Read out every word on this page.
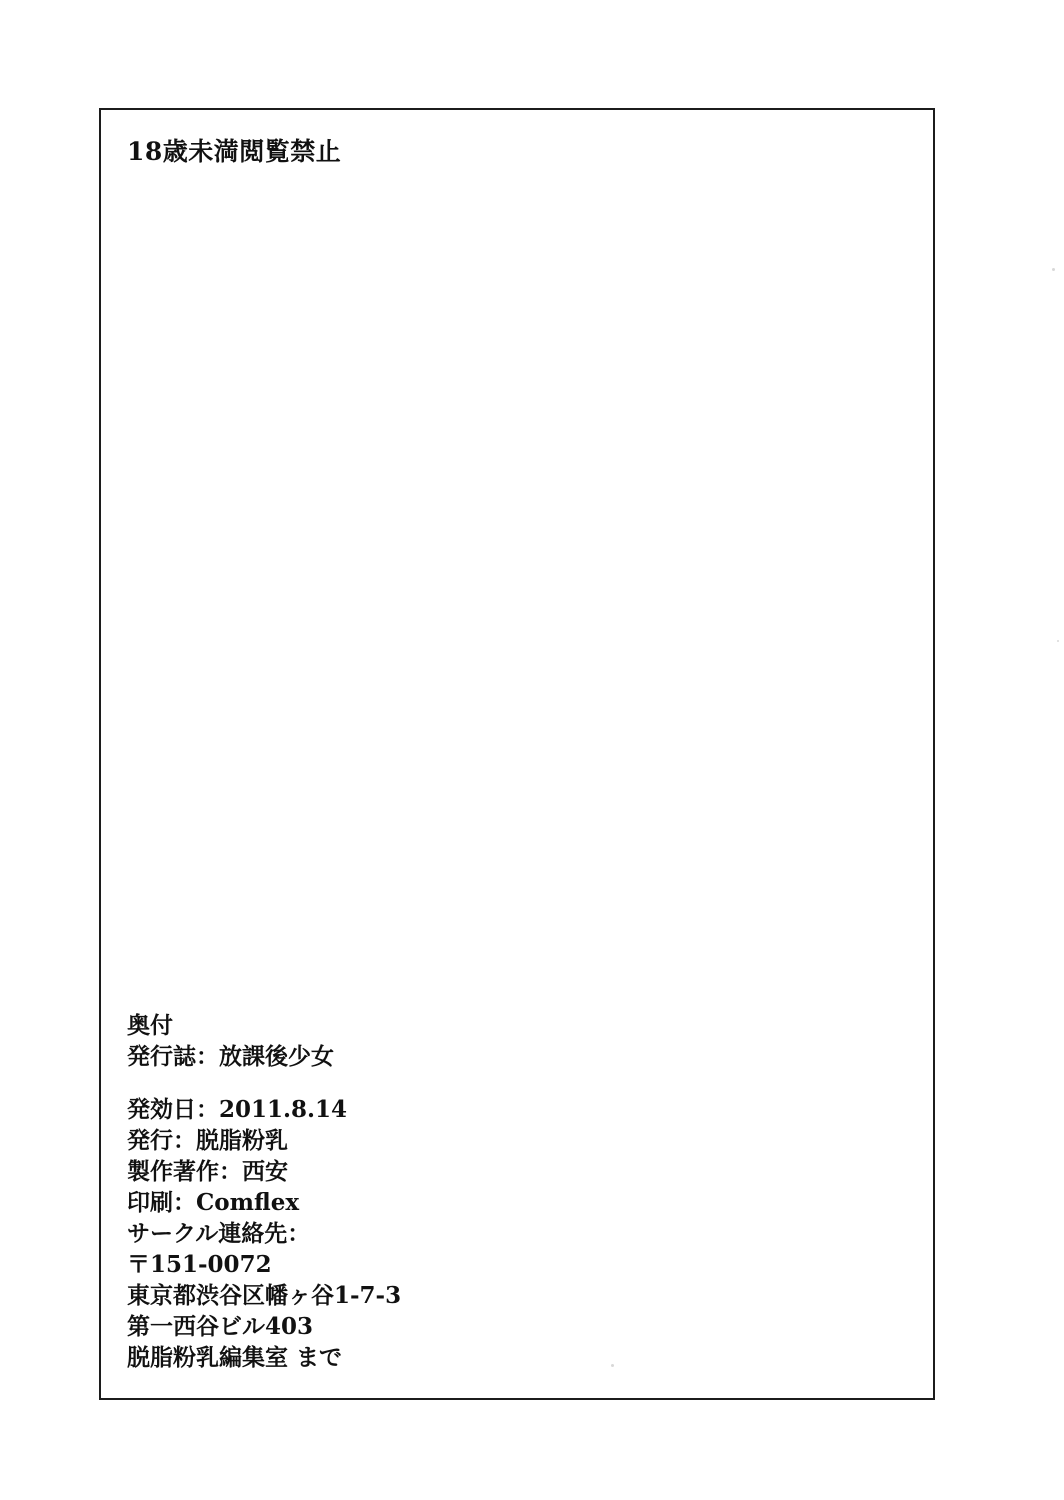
18歳未満閲覧禁止
奥付
発行誌：放課後少女
発効日：2011.8.14
発行：脱脂粉乳
製作著作：西安
印刷：Comflex
サークル連絡先：
〒151-0072
東京都渋谷区幡ヶ谷1-7-3
第一西谷ビル403
脱脂粉乳編集室 まで
